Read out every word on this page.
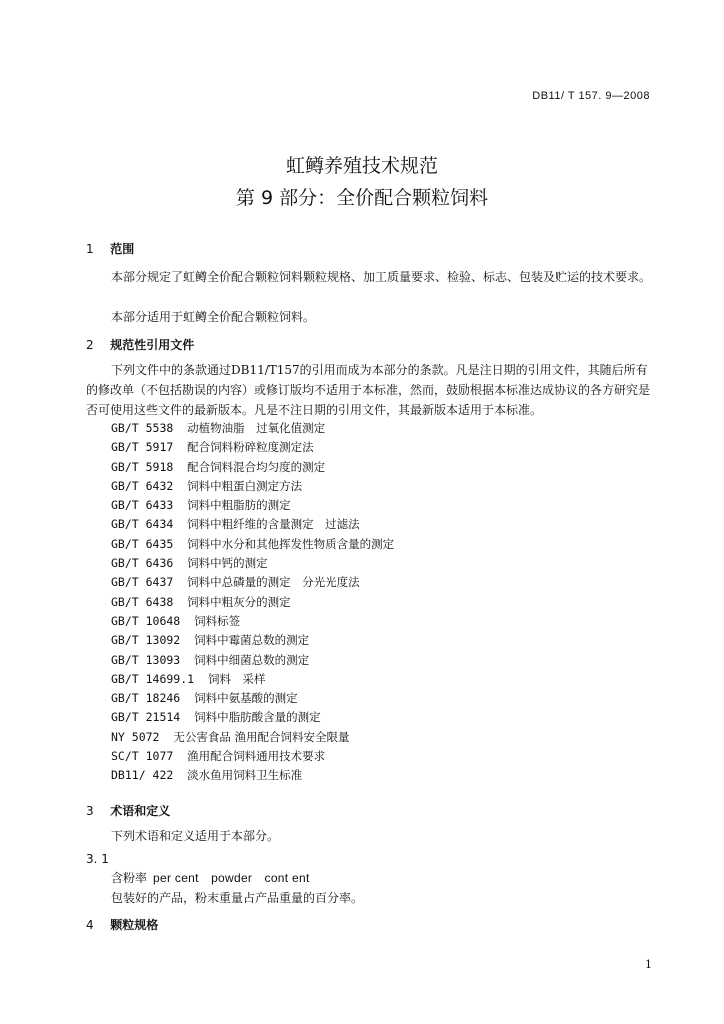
DB11/ T 157. 9—2008
虹鳟养殖技术规范
第 9 部分：全价配合颗粒饲料
1 范围
本部分规定了虹鳟全价配合颗粒饲料颗粒规格、加工质量要求、检验、标志、包装及贮运的技术要求。
本部分适用于虹鳟全价配合颗粒饲料。
2 规范性引用文件
下列文件中的条款通过DB11/T157的引用而成为本部分的条款。凡是注日期的引用文件，其随后所有的修改单（不包括勘误的内容）或修订版均不适用于本标准，然而，鼓励根据本标准达成协议的各方研究是否可使用这些文件的最新版本。凡是不注日期的引用文件，其最新版本适用于本标准。
GB/T 5538 动植物油脂　过氧化值测定
GB/T 5917 配合饲料粉碎粒度测定法
GB/T 5918 配合饲料混合均匀度的测定
GB/T 6432 饲料中粗蛋白测定方法
GB/T 6433 饲料中粗脂肪的测定
GB/T 6434 饲料中粗纤维的含量测定　过滤法
GB/T 6435 饲料中水分和其他挥发性物质含量的测定
GB/T 6436 饲料中钙的测定
GB/T 6437 饲料中总磷量的测定　分光光度法
GB/T 6438 饲料中粗灰分的测定
GB/T 10648 饲料标签
GB/T 13092 饲料中霉菌总数的测定
GB/T 13093 饲料中细菌总数的测定
GB/T 14699.1 饲料　采样
GB/T 18246 饲料中氨基酸的测定
GB/T 21514 饲料中脂肪酸含量的测定
NY 5072 无公害食品 渔用配合饲料安全限量
SC/T 1077 渔用配合饲料通用技术要求
DB11/ 422 淡水鱼用饲料卫生标准
3 术语和定义
下列术语和定义适用于本部分。
3. 1
含粉率 per cent　powder　cont ent
包装好的产品，粉末重量占产品重量的百分率。
4 颗粒规格
1
